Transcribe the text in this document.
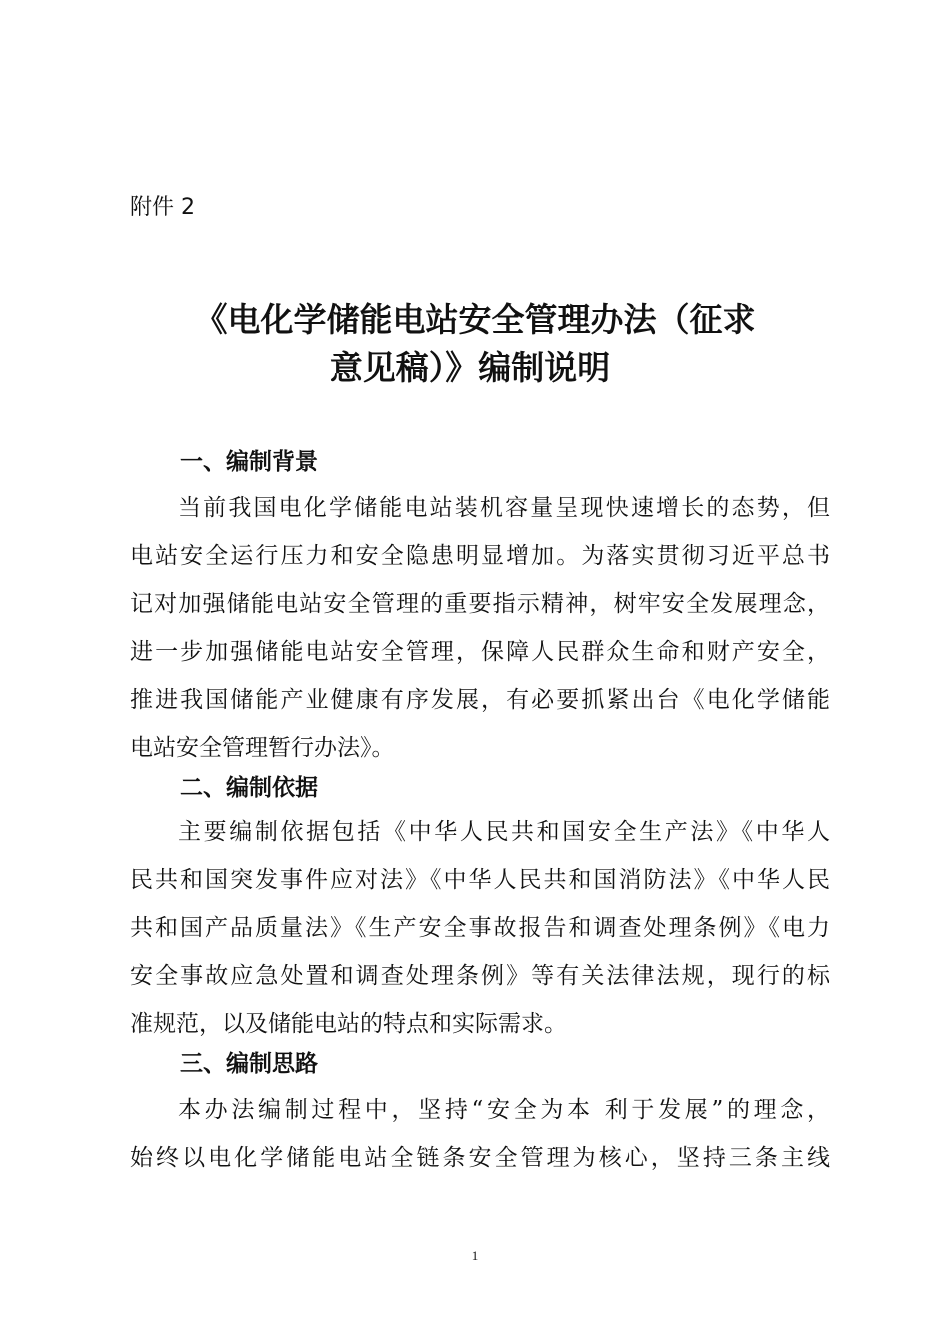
附件 2
《电化学储能电站安全管理办法（征求
意见稿）》编制说明
一、编制背景
当前我国电化学储能电站装机容量呈现快速增长的态势，但
电站安全运行压力和安全隐患明显增加。为落实贯彻习近平总书
记对加强储能电站安全管理的重要指示精神，树牢安全发展理念，
进一步加强储能电站安全管理，保障人民群众生命和财产安全，
推进我国储能产业健康有序发展，有必要抓紧出台《电化学储能
电站安全管理暂行办法》。
二、编制依据
主要编制依据包括《中华人民共和国安全生产法》《中华人
民共和国突发事件应对法》《中华人民共和国消防法》《中华人民
共和国产品质量法》《生产安全事故报告和调查处理条例》《电力
安全事故应急处置和调查处理条例》等有关法律法规，现行的标
准规范，以及储能电站的特点和实际需求。
三、编制思路
本办法编制过程中，坚持“安全为本 利于发展”的理念，
始终以电化学储能电站全链条安全管理为核心，坚持三条主线
1
